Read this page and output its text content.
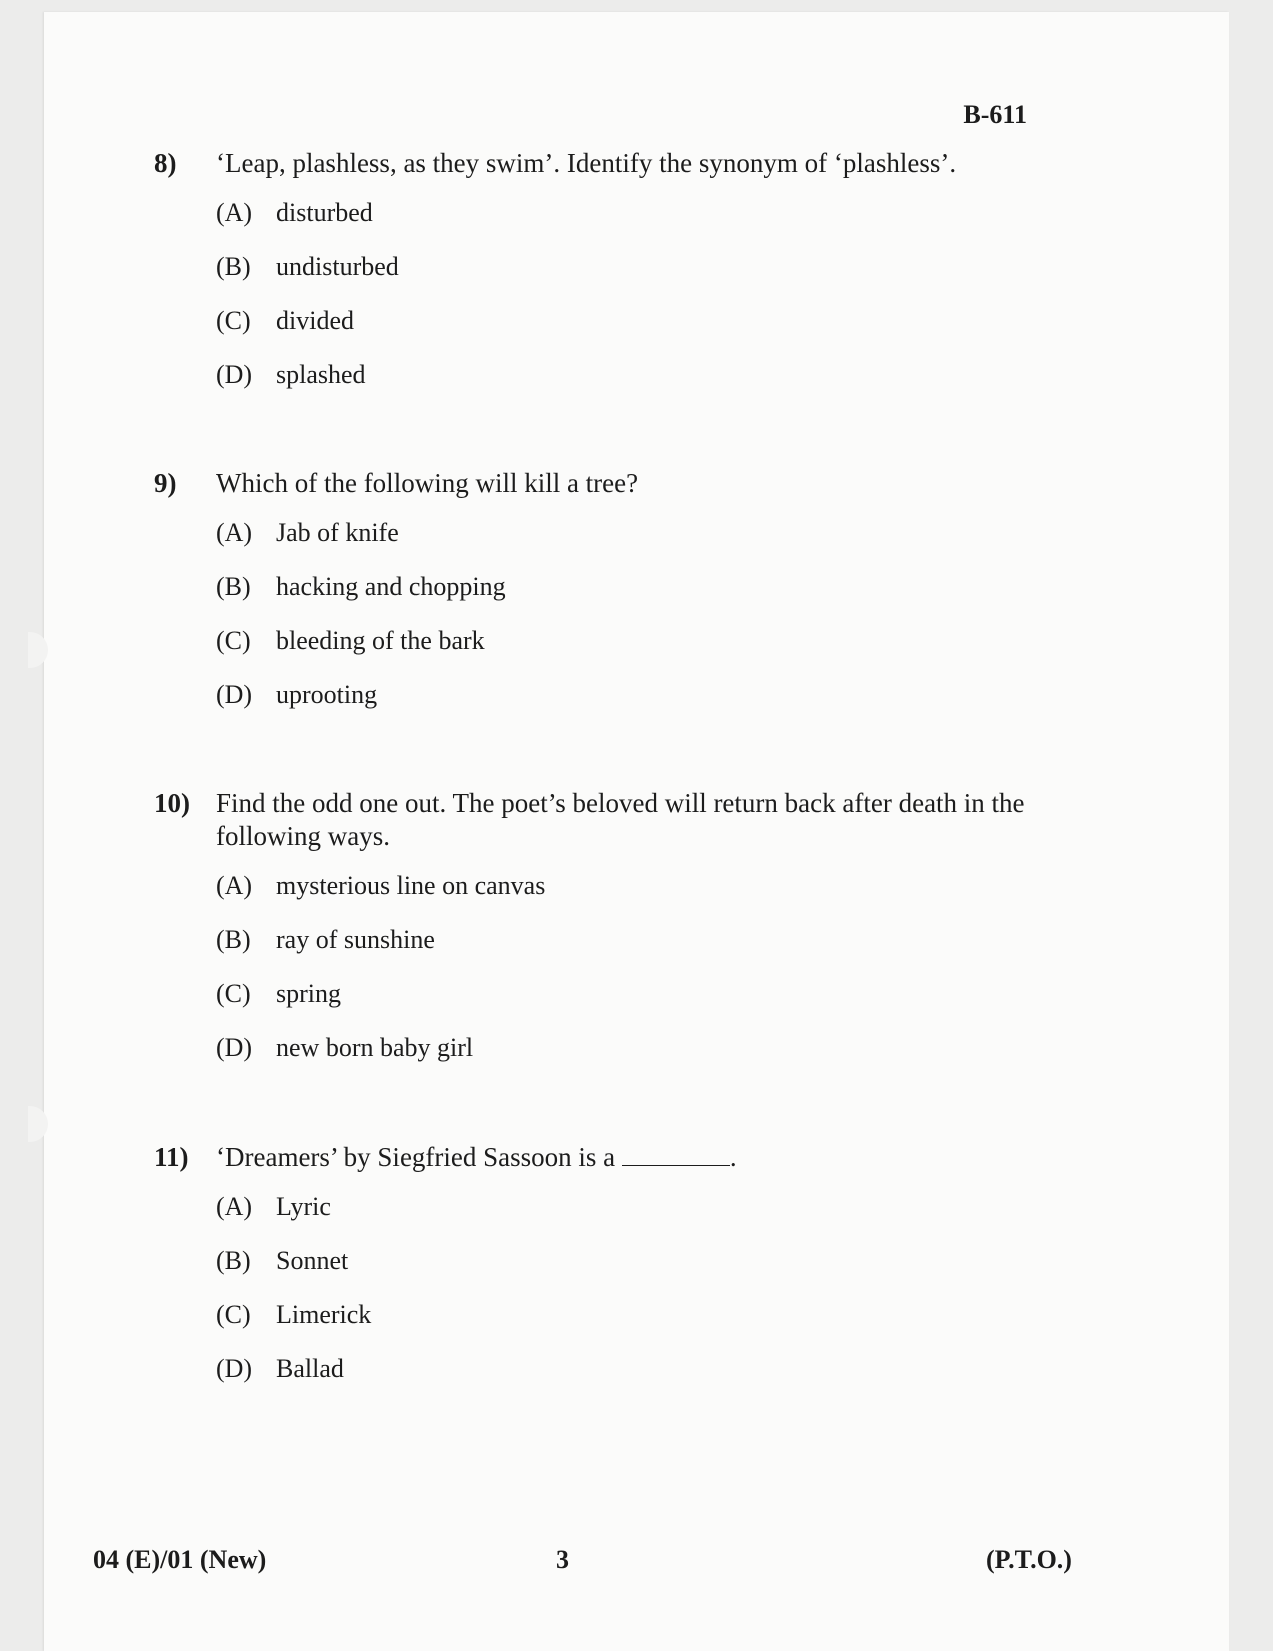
B-611
8)	‘Leap, plashless, as they swim’. Identify the synonym of ‘plashless’.
(A) disturbed
(B) undisturbed
(C) divided
(D) splashed
9)	Which of the following will kill a tree?
(A) Jab of knife
(B) hacking and chopping
(C) bleeding of the bark
(D) uprooting
10) Find the odd one out. The poet’s beloved will return back after death in the following ways.
(A) mysterious line on canvas
(B) ray of sunshine
(C) spring
(D) new born baby girl
11)	‘Dreamers’ by Siegfried Sassoon is a	.
(A) Lyric
(B) Sonnet
(C) Limerick
(D) Ballad
04 (E)/01 (New)	3	(P.T.O.)
